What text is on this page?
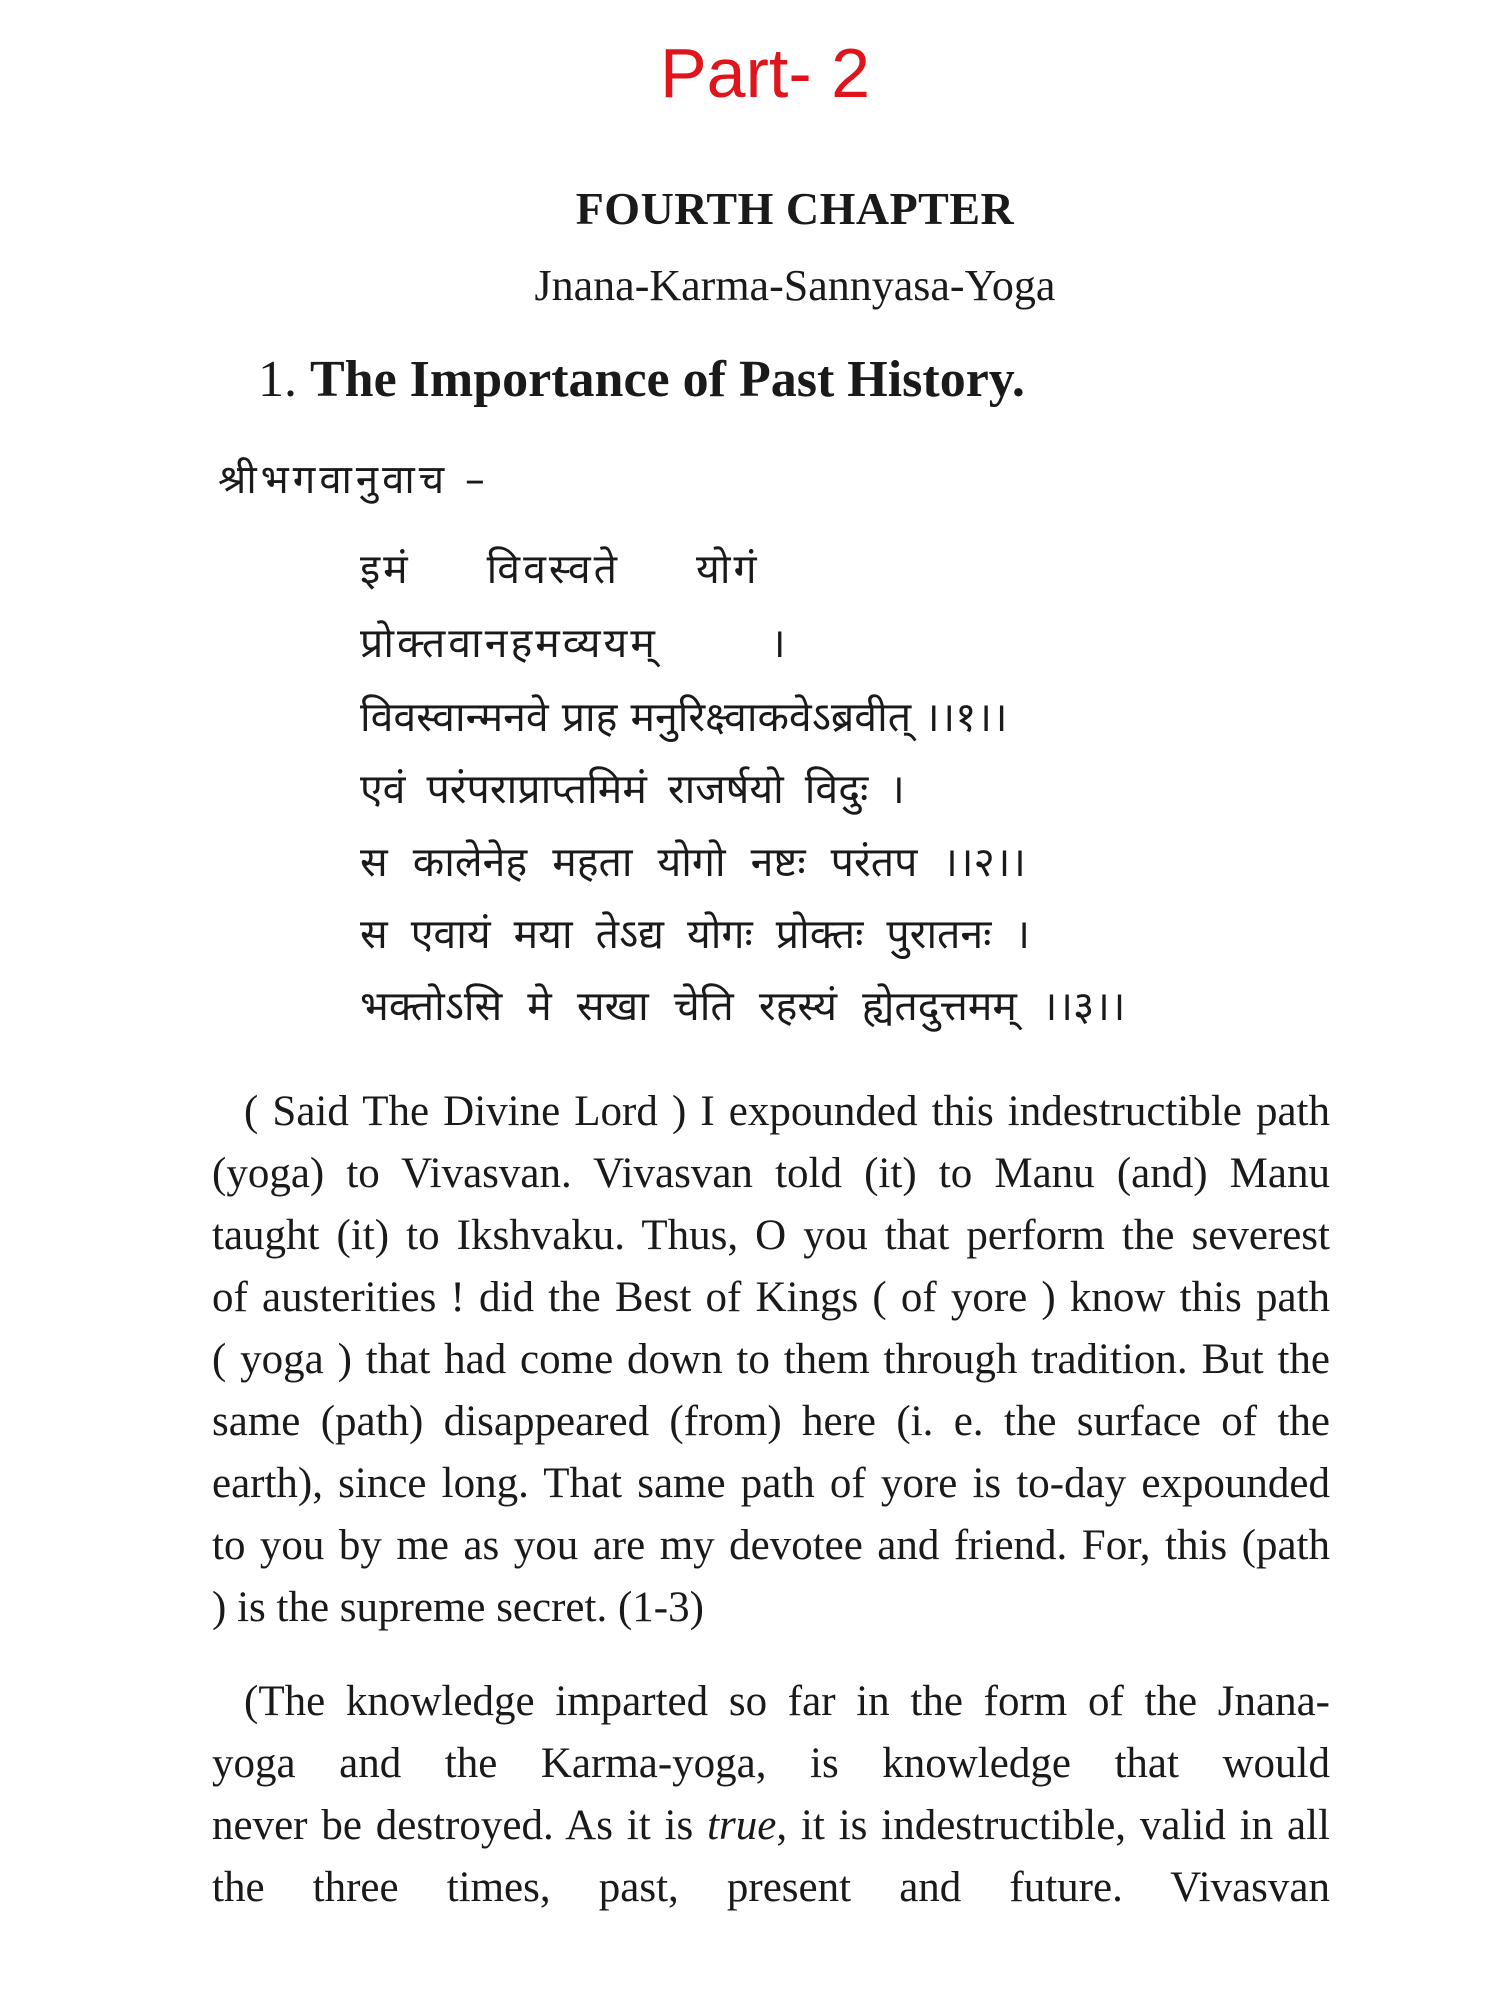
Part- 2
FOURTH CHAPTER
Jnana-Karma-Sannyasa-Yoga
1. The Importance of Past History.
श्रीभगवानुवाच –
इमं विवस्वते योगं
प्रोक्तवानहमव्ययम्       ।
विवस्वान्मनवे प्राह मनुरिक्ष्वाकवेऽब्रवीत् ।।१।।
एवं परंपराप्राप्तमिमं राजर्षयो विदुः ।
स कालेनेह महता योगो नष्टः परंतप ।।२।।
स एवायं मया तेऽद्य योगः प्रोक्तः पुरातनः ।
भक्तोऽसि मे सखा चेति रहस्यं ह्येतदुत्तमम् ।।३।।
( Said The Divine Lord ) I expounded this indestructible path
(yoga) to Vivasvan. Vivasvan told (it) to Manu (and) Manu
taught (it) to Ikshvaku. Thus, O you that perform the severest
of austerities ! did the Best of Kings ( of yore ) know this path
( yoga ) that had come down to them through tradition. But the
same (path) disappeared (from) here (i. e. the surface of the
earth), since long. That same path of yore is to-day expounded
to you by me as you are my devotee and friend. For, this (path
) is the supreme secret. (1-3)
(The knowledge imparted so far in the form of the Jnana-
yoga and the Karma-yoga, is knowledge that would
never be destroyed. As it is true, it is indestructible, valid in all
the three times, past, present and future. Vivasvan
